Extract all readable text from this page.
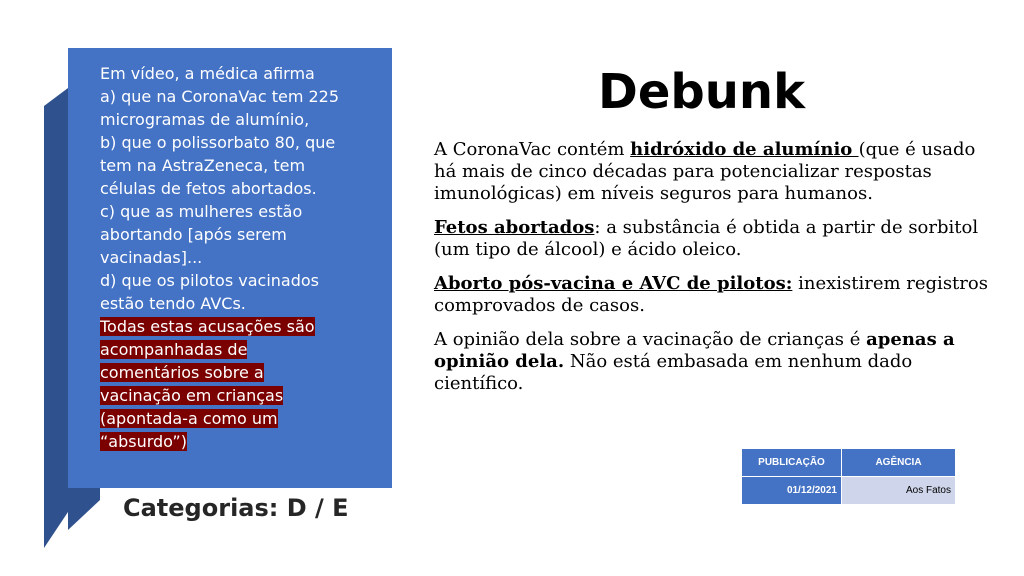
Em vídeo, a médica afirma
a) que na CoronaVac tem 225
microgramas de alumínio,
b) que o polissorbato 80, que
tem na AstraZeneca, tem
células de fetos abortados.
c) que as mulheres estão
abortando [após serem
vacinadas]...
d) que os pilotos vacinados
estão tendo AVCs.
Todas estas acusações são
acompanhadas de
comentários sobre a
vacinação em crianças
(apontada-a como um
“absurdo”)
Categorias: D / E
Debunk

A CoronaVac contém hidróxido de alumínio (que é usado há mais de cinco décadas para potencializar respostas imunológicas) em níveis seguros para humanos.

Fetos abortados: a substância é obtida a partir de sorbitol (um tipo de álcool) e ácido oleico.

Aborto pós-vacina e AVC de pilotos: inexistirem registros comprovados de casos.

A opinião dela sobre a vacinação de crianças é apenas a opinião dela. Não está embasada em nenhum dado científico.

PUBLICAÇÃO	AGÊNCIA
01/12/2021	Aos Fatos
